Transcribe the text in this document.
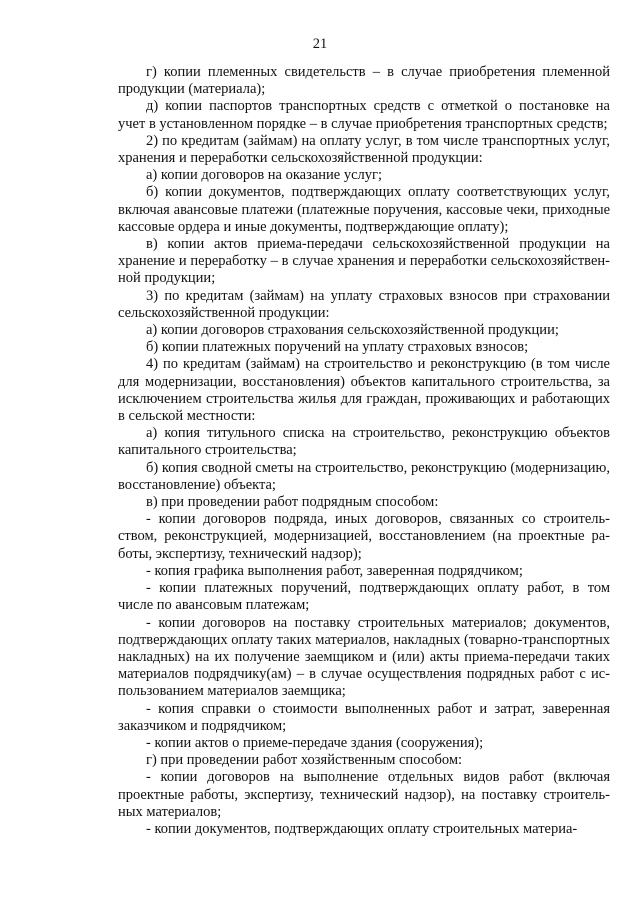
21

г) копии племенных свидетельств – в случае приобретения племенной продукции (материала);

д) копии паспортов транспортных средств с отметкой о постановке на учет в установленном порядке – в случае приобретения транспортных средств;

2) по кредитам (займам) на оплату услуг, в том числе транспортных услуг, хранения и переработки сельскохозяйственной продукции:

а) копии договоров на оказание услуг;

б) копии документов, подтверждающих оплату соответствующих услуг, включая авансовые платежи (платежные поручения, кассовые чеки, приходные кассовые ордера и иные документы, подтверждающие оплату);

в) копии актов приема-передачи сельскохозяйственной продукции на хранение и переработку – в случае хранения и переработки сельскохозяйственной продукции;

3) по кредитам (займам) на уплату страховых взносов при страховании сельскохозяйственной продукции:

а) копии договоров страхования сельскохозяйственной продукции;

б) копии платежных поручений на уплату страховых взносов;

4) по кредитам (займам) на строительство и реконструкцию (в том числе для модернизации, восстановления) объектов капитального строительства, за исключением строительства жилья для граждан, проживающих и работающих в сельской местности:

а) копия титульного списка на строительство, реконструкцию объектов капитального строительства;

б) копия сводной сметы на строительство, реконструкцию (модернизацию, восстановление) объекта;

в) при проведении работ подрядным способом:

- копии договоров подряда, иных договоров, связанных со строительством, реконструкцией, модернизацией, восстановлением (на проектные работы, экспертизу, технический надзор);

- копия графика выполнения работ, заверенная подрядчиком;

- копии платежных поручений, подтверждающих оплату работ, в том числе по авансовым платежам;

- копии договоров на поставку строительных материалов; документов, подтверждающих оплату таких материалов, накладных (товарно-транспортных накладных) на их получение заемщиком и (или) акты приема-передачи таких материалов подрядчику(ам) – в случае осуществления подрядных работ с использованием материалов заемщика;

- копия справки о стоимости выполненных работ и затрат, заверенная заказчиком и подрядчиком;

- копии актов о приеме-передаче здания (сооружения);

г) при проведении работ хозяйственным способом:

- копии договоров на выполнение отдельных видов работ (включая проектные работы, экспертизу, технический надзор), на поставку строительных материалов;

- копии документов, подтверждающих оплату строительных материа-
